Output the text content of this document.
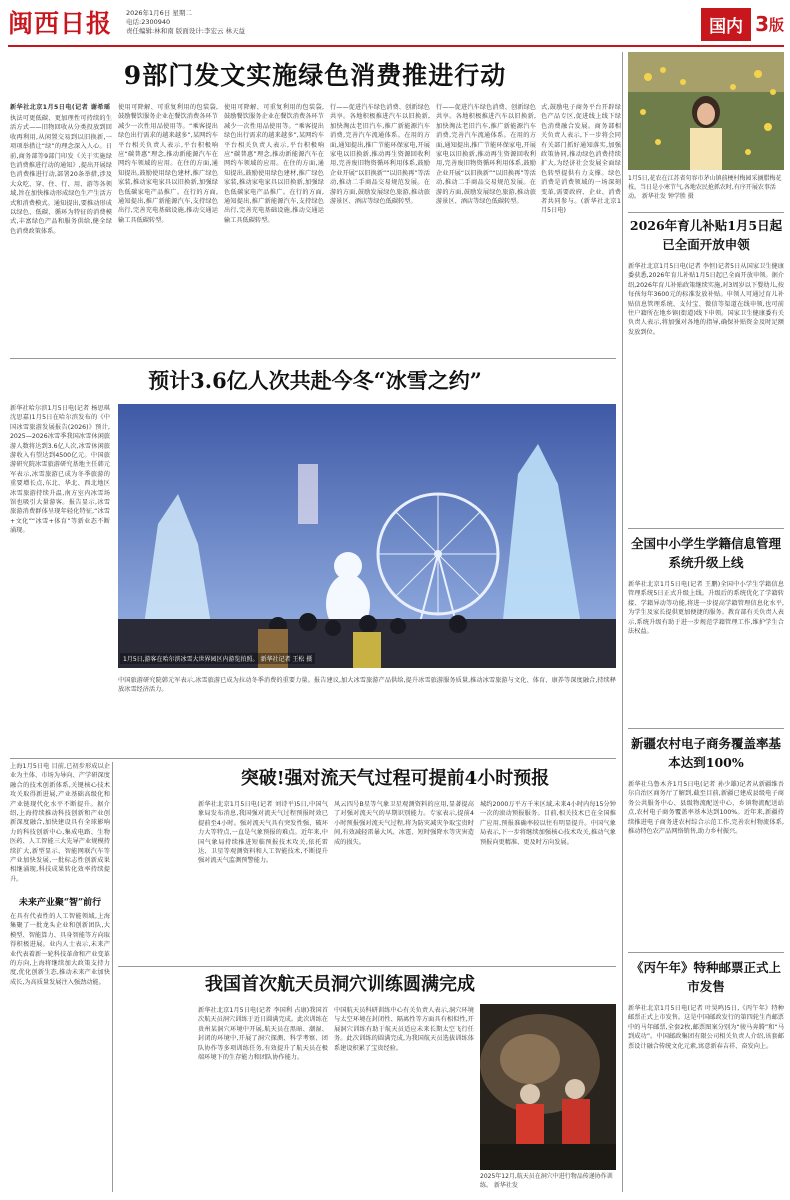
闽西日报	2026年1月6日 星期二
电话:2300940
责任编辑:林和南 版面设计:李宏云 林天益	国内 3 版
9部门发文实施绿色消费推进行动
新华社北京1月5日电(记者 谢希瑶
执法可更低碳、更加理性可持续的生活方式——旧物回收从分类投放到回收再利用,从闲置交易到以旧换新,一项项举措让“绿”的理念深入人心。日前,商务部等9部门印发《关于实施绿色消费推进行动的通知》,提出开展绿色消费推进行动,部署20条举措,涉及大众吃、穿、住、行、用、游等各领域,旨在加快推动形成绿色生产生活方式和消费模式。通知提出,要推动形成以绿色、低碳、循环为特征的消费模式,丰富绿色产品和服务供给,健全绿色消费政策体系。
使用可降解、可重复利用的包装袋,鼓励餐饮服务企业在餐饮消费各环节减少一次性用品使用等。“乘客提出绿色出行需求的越来越多”,某网约车平台相关负责人表示,平台积极响应“碳普惠”理念,推动新能源汽车在网约车领域的应用。在住的方面,通知提出,鼓励使用绿色建材,推广绿色家装,推动家电家具以旧换新,加强绿色低碳家电产品推广。在行的方面,通知提出,推广新能源汽车,支持绿色出行,完善充电基础设施,推动交通运输工具低碳转型。
使用可降解、可重复利用的包装袋,鼓励餐饮服务企业在餐饮消费各环节减少一次性用品使用等。“乘客提出绿色出行需求的越来越多”,某网约车平台相关负责人表示,平台积极响应“碳普惠”理念,推动新能源汽车在网约车领域的应用。在住的方面,通知提出,鼓励使用绿色建材,推广绿色家装,推动家电家具以旧换新,加强绿色低碳家电产品推广。在行的方面,通知提出,推广新能源汽车,支持绿色出行,完善充电基础设施,推动交通运输工具低碳转型。
行——促进汽车绿色消费、创新绿色共享。各地积极推进汽车以旧换新,加快淘汰老旧汽车,推广新能源汽车消费,完善汽车流通体系。在用的方面,通知提出,推广节能环保家电,开展家电以旧换新,推动再生资源回收利用,完善废旧物资循环利用体系,鼓励企业开展“以旧换新”“以旧换再”等活动,推动二手商品交易规范发展。在游的方面,鼓励发展绿色旅游,推动旅游景区、酒店等绿色低碳转型。
行——促进汽车绿色消费、创新绿色共享。各地积极推进汽车以旧换新,加快淘汰老旧汽车,推广新能源汽车消费,完善汽车流通体系。在用的方面,通知提出,推广节能环保家电,开展家电以旧换新,推动再生资源回收利用,完善废旧物资循环利用体系,鼓励企业开展“以旧换新”“以旧换再”等活动,推动二手商品交易规范发展。在游的方面,鼓励发展绿色旅游,推动旅游景区、酒店等绿色低碳转型。
式,鼓励电子商务平台开辟绿色产品专区,促进线上线下绿色消费融合发展。商务部相关负责人表示,下一步将会同有关部门抓好通知落实,加强政策协同,推动绿色消费持续扩大,为经济社会发展全面绿色转型提供有力支撑。绿色消费是消费领域的一场深刻变革,需要政府、企业、消费者共同参与。(新华社北京1月5日电)
1月5日,花农在江苏省句容市茅山镇前梗村梅园采摘腊梅花枝。当日是小寒节气,各地农民抢抓农时,有序开展农事活动。 新华社发 钟学胜 摄
2026年育儿补贴1月5日起已全面开放申领
新华社北京1月5日电(记者 李恒)记者5日从国家卫生健康委获悉,2026年育儿补贴1月5日起已全面开放申领。据介绍,2026年育儿补贴政策继续实施,对3周岁以下婴幼儿,按每孩每年3600元的标准发放补贴。申领人可通过育儿补贴信息管理系统、支付宝、微信等渠道在线申领,也可前往户籍所在地乡镇(街道)线下申领。国家卫生健康委有关负责人表示,将加强对各地的指导,确保补贴资金及时足额发放到位。
全国中小学生学籍信息管理系统升级上线
新华社北京1月5日电(记者 王鹏)全国中小学生学籍信息管理系统5日正式升级上线。升级后的系统优化了学籍转接、学籍异动等功能,将进一步提高学籍管理信息化水平,为学生及家长提供更加便捷的服务。教育部有关负责人表示,系统升级有助于进一步规范学籍管理工作,维护学生合法权益。
新疆农村电子商务覆盖率基本达到100%
新华社乌鲁木齐1月5日电(记者 孙少雄)记者从新疆维吾尔自治区商务厅了解到,截至目前,新疆已建成县级电子商务公共服务中心、县级物流配送中心、乡镇物流配送站点,农村电子商务覆盖率基本达到100%。近年来,新疆持续推进电子商务进农村综合示范工作,完善农村物流体系,推动特色农产品网络销售,助力乡村振兴。
《丙午年》特种邮票正式上市发售
新华社北京1月5日电(记者 叶昊鸣)5日,《丙午年》特种邮票正式上市发售。这是中国邮政发行的第四轮生肖邮票中的马年邮票,全套2枚,邮票图案分别为“骏马奔腾”和“马到成功”。中国邮政集团有限公司相关负责人介绍,该套邮票设计融合传统文化元素,寓意新春吉祥、奋发向上。
预计3.6亿人次共赴今冬“冰雪之约”
新华社哈尔滨1月5日电(记者 杨思琪 沈思嘉)1月5日在哈尔滨发布的《中国冰雪旅游发展报告(2026)》预计,2025—2026冰雪季我国冰雪休闲旅游人数将达到3.6亿人次,冰雪休闲旅游收入有望达到4500亿元。中国旅游研究院冰雪旅游研究基地主任韩元军表示,冰雪旅游已成为冬季旅游的重要增长点,东北、华北、西北地区冰雪旅游持续升温,南方室内冰雪场馆也吸引大量游客。报告显示,冰雪旅游消费群体呈现年轻化特征,“冰雪+文化”“冰雪+体育”等新业态不断涌现。
1月5日,游客在哈尔滨冰雪大世界园区内游览拍照。 新华社记者 王松 摄
中国旅游研究院韩元军表示,冰雪旅游已成为拉动冬季消费的重要力量。报告建议,加大冰雪旅游产品供给,提升冰雪旅游服务质量,推动冰雪旅游与文化、体育、康养等深度融合,持续释放冰雪经济活力。
上海1月5日电 目前,已初步形成以企业为主体、市场为导向、产学研深度融合的技术创新体系,关键核心技术攻关取得新进展,产业基础高级化和产业链现代化水平不断提升。据介绍,上海持续推动科技创新和产业创新深度融合,加快建设具有全球影响力的科技创新中心,集成电路、生物医药、人工智能三大先导产业规模持续扩大,新型显示、智能网联汽车等产业加快发展,一批标志性创新成果相继涌现,科技成果转化效率持续提升。
未来产业聚“智”前行
在具有代表性的人工智能领域,上海集聚了一批龙头企业和创新团队,大模型、智能算力、具身智能等方向取得积极进展。业内人士表示,未来产业代表着新一轮科技革命和产业变革的方向,上海将继续加大政策支持力度,优化创新生态,推动未来产业加快成长,为高质量发展注入强劲动能。
突破!强对流天气过程可提前4小时预报
新华社北京1月5日电(记者 刘诗平)5日,中国气象局发布消息,我国强对流天气过程预报时效已提前至4小时。强对流天气具有突发性强、破坏力大等特点,一直是气象预报的难点。近年来,中国气象局持续推进短临预报技术攻关,依托雷达、卫星等观测资料和人工智能技术,不断提升强对流天气监测预警能力。
风云四号B星等气象卫星观测资料的应用,显著提高了对强对流天气的早期识别能力。专家表示,提前4小时预报强对流天气过程,将为防灾减灾争取宝贵时间,有效减轻雷暴大风、冰雹、短时强降水等灾害造成的损失。
城约2000万平方千米区域,未来4小时内每15分钟一次的滚动预报服务。目前,相关技术已在全国推广应用,预报准确率较以往有明显提升。中国气象局表示,下一步将继续加强核心技术攻关,推动气象预报向更精准、更及时方向发展。
我国首次航天员洞穴训练圆满完成
新华社北京1月5日电(记者 李国利 占康)我国首次航天员洞穴训练于近日圆满完成。此次训练在贵州某洞穴环境中开展,航天员在黑暗、潮湿、封闭的环境中,开展了洞穴探测、科学考察、团队协作等多项训练任务,有效提升了航天员在极端环境下的生存能力和团队协作能力。
中国航天员科研训练中心有关负责人表示,洞穴环境与太空环境在封闭性、隔离性等方面具有相似性,开展洞穴训练有助于航天员适应未来长期太空飞行任务。此次训练的圆满完成,为我国航天员选拔训练体系建设积累了宝贵经验。
2025年12月,航天员在洞穴中进行物品传递协作训练。 新华社发
